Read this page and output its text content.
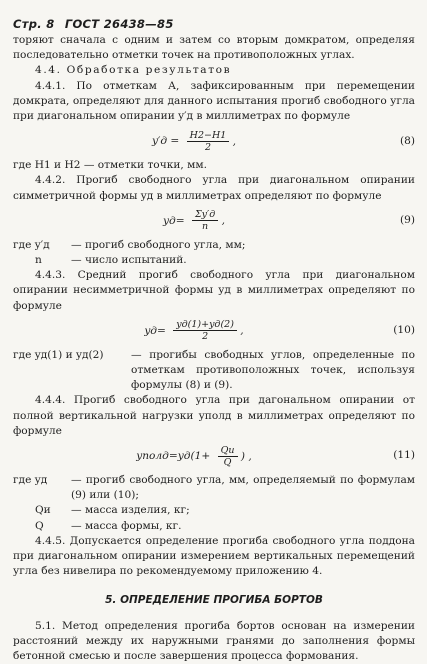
Стр. 8 ГОСТ 26438—85

торяют сначала с одним и затем со вторым домкратом, определяя последовательно отметки точек на противоположных углах.

4.4. Обработка результатов

4.4.1. По отметкам А, зафиксированным при перемещении домкрата, определяют для данного испытания прогиб свободного угла при диагональном опирании y′д в миллиметрах по формуле

$y'д = \frac{H2-H1}{2}$ ,	(8)

где H1 и H2 — отметки точки, мм.

4.4.2. Прогиб свободного угла при диагональном опирании симметричной формы yд в миллиметрах определяют по формуле

$yд= \frac{\Sigma y'д}{n}$ ,	(9)
где y′д	— прогиб свободного угла, мм;
n	— число испытаний.

4.4.3. Средний прогиб свободного угла при диагональном опирании несимметричной формы yд в миллиметрах определяют по формуле

$yд= \frac{yд(1)+yд(2)}{2}$ ,	(10)
где yд(1) и yд(2)	— прогибы свободных углов, определенные по отметкам противоположных точек, используя формулы (8) и (9).

4.4.4. Прогиб свободного угла при дагональном опирании от полной вертикальной нагрузки yполд в миллиметрах определяют по формуле

yполд=yд(1+ $\frac{Qи}{Q}$ ) ,	(11)
где yд	— прогиб свободного угла, мм, определяемый по формулам (9) или (10);
Qи	— масса изделия, кг;
Q	— масса формы, кг.

4.4.5. Допускается определение прогиба свободного угла поддона при диагональном опирании измерением вертикальных перемещений угла без нивелира по рекомендуемому приложению 4.

5. ОПРЕДЕЛЕНИЕ ПРОГИБА БОРТОВ

5.1. Метод определения прогиба бортов основан на измерении расстояний между их наружными гранями до заполнения формы бетонной смесью и после завершения процесса формования.
